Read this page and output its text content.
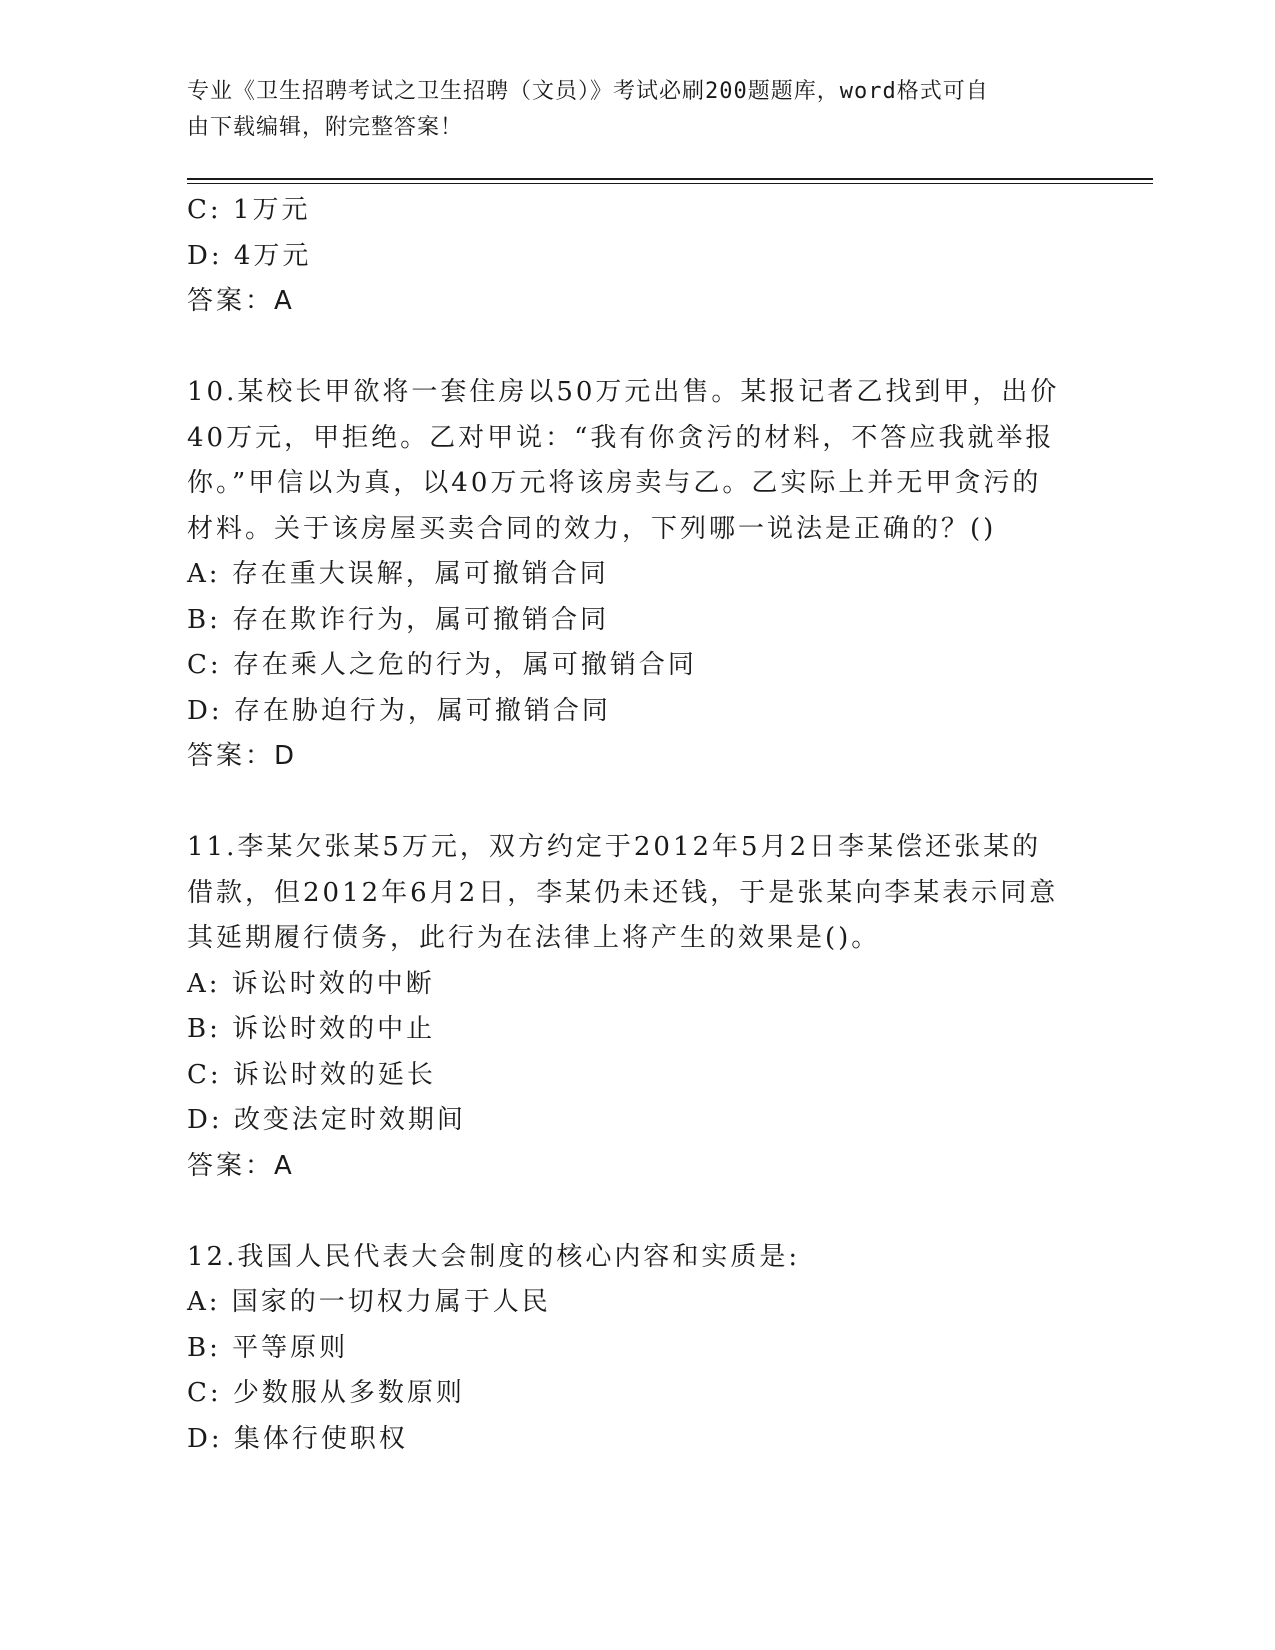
专业《卫生招聘考试之卫生招聘（文员）》考试必刷200题题库，word格式可自
由下载编辑，附完整答案！
C: 1万元
D: 4万元
答案：A
10.某校长甲欲将一套住房以50万元出售。某报记者乙找到甲，出价
40万元，甲拒绝。乙对甲说：“我有你贪污的材料，不答应我就举报
你。”甲信以为真，以40万元将该房卖与乙。乙实际上并无甲贪污的
材料。关于该房屋买卖合同的效力，下列哪一说法是正确的？()
A: 存在重大误解，属可撤销合同
B: 存在欺诈行为，属可撤销合同
C: 存在乘人之危的行为，属可撤销合同
D: 存在胁迫行为，属可撤销合同
答案：D
11.李某欠张某5万元，双方约定于2012年5月2日李某偿还张某的
借款，但2012年6月2日，李某仍未还钱，于是张某向李某表示同意
其延期履行债务，此行为在法律上将产生的效果是()。
A: 诉讼时效的中断
B: 诉讼时效的中止
C: 诉讼时效的延长
D: 改变法定时效期间
答案：A
12.我国人民代表大会制度的核心内容和实质是:
A: 国家的一切权力属于人民
B: 平等原则
C: 少数服从多数原则
D: 集体行使职权
